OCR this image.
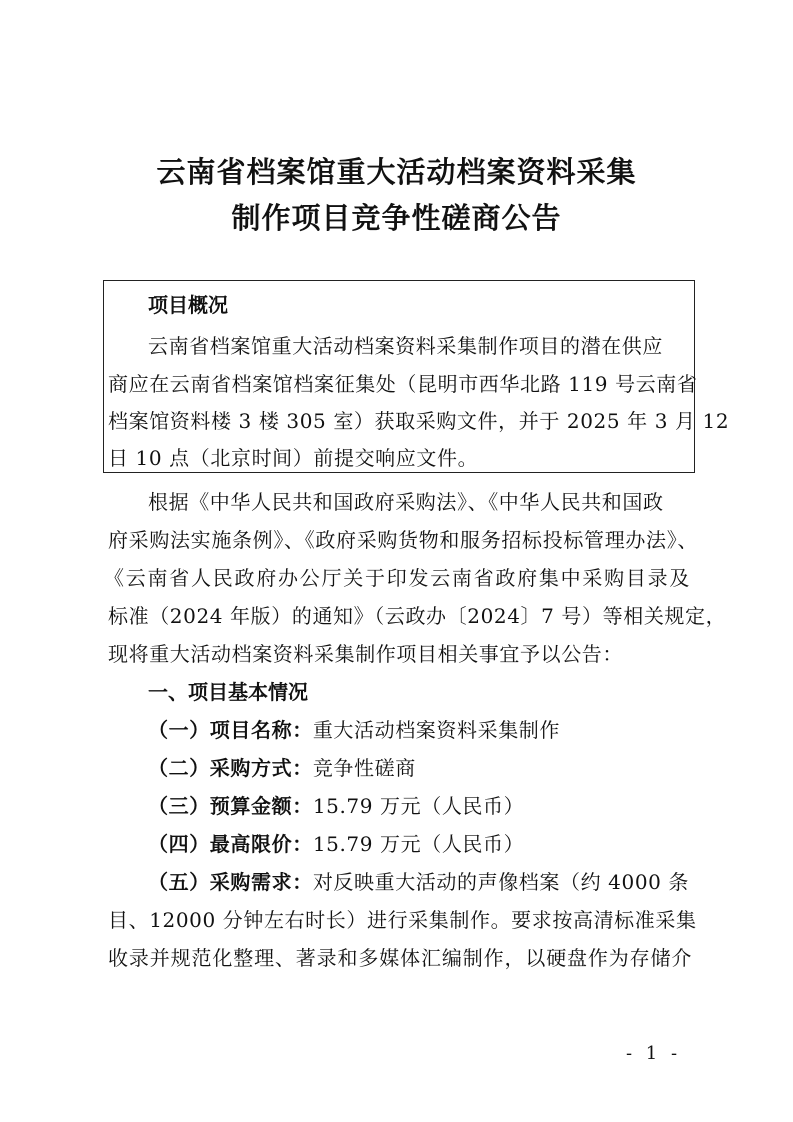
云南省档案馆重大活动档案资料采集
制作项目竞争性磋商公告
项目概况
云南省档案馆重大活动档案资料采集制作项目的潜在供应
商应在云南省档案馆档案征集处（昆明市西华北路 119 号云南省
档案馆资料楼 3 楼 305 室）获取采购文件，并于 2025 年 3 月 12
日 10 点（北京时间）前提交响应文件。
根据《中华人民共和国政府采购法》、《中华人民共和国政
府采购法实施条例》、《政府采购货物和服务招标投标管理办法》、
《云南省人民政府办公厅关于印发云南省政府集中采购目录及
标准（2024 年版）的通知》（云政办〔2024〕7 号）等相关规定，
现将重大活动档案资料采集制作项目相关事宜予以公告：
一、项目基本情况
（一）项目名称：重大活动档案资料采集制作
（二）采购方式：竞争性磋商
（三）预算金额：15.79 万元（人民币）
（四）最高限价：15.79 万元（人民币）
（五）采购需求：对反映重大活动的声像档案（约 4000 条
目、12000 分钟左右时长）进行采集制作。要求按高清标准采集
收录并规范化整理、著录和多媒体汇编制作，以硬盘作为存储介
- 1 -
